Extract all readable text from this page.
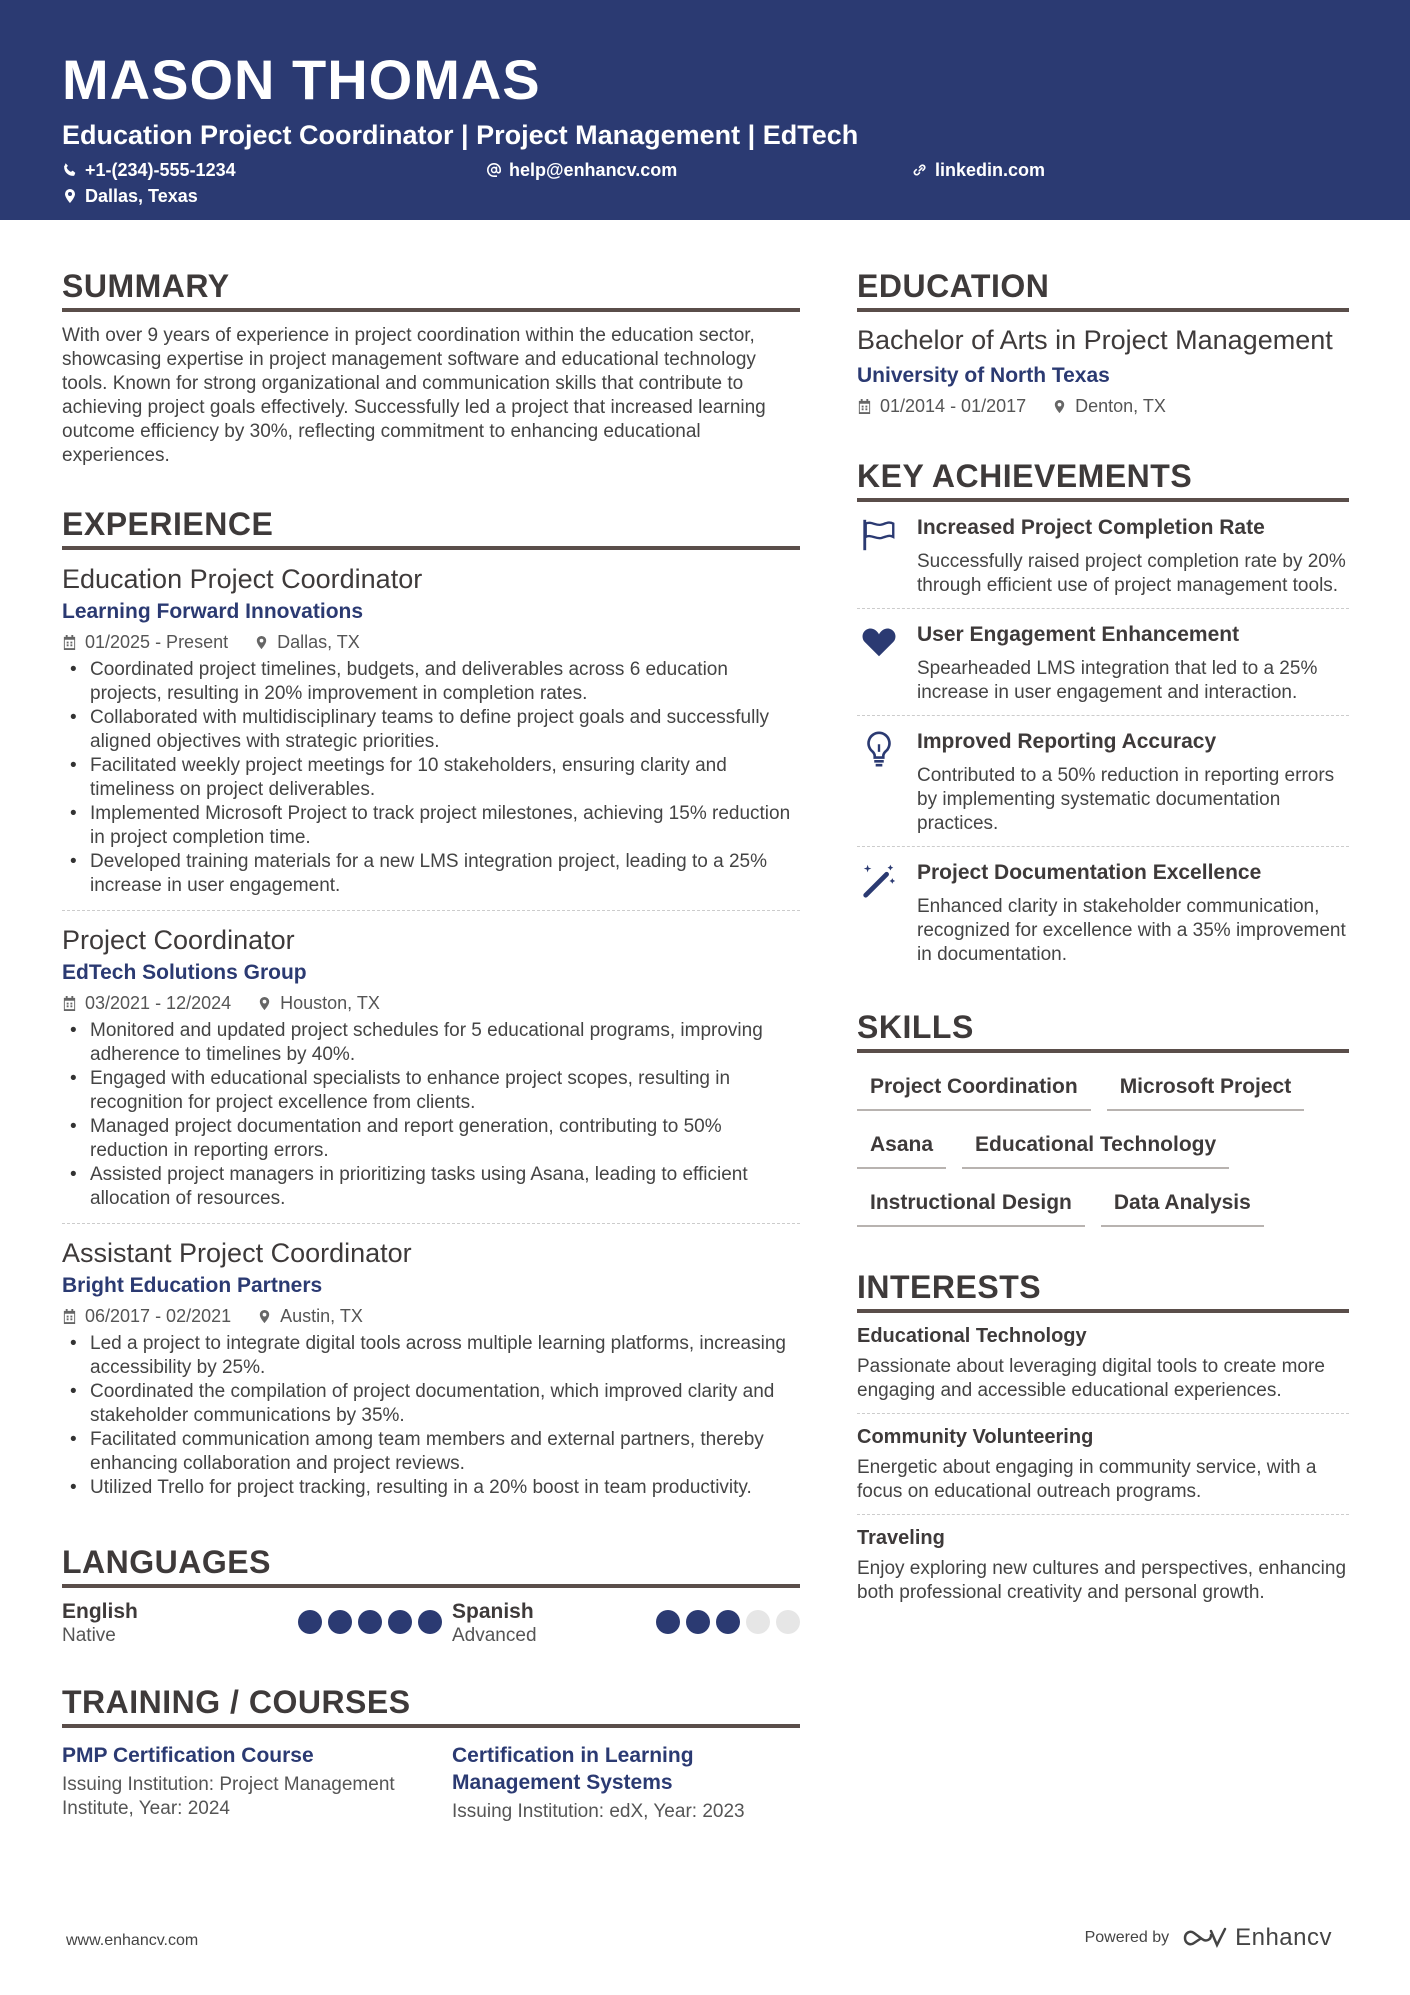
MASON THOMAS
Education Project Coordinator | Project Management | EdTech
+1-(234)-555-1234	help@enhancv.com	linkedin.com
Dallas, Texas
SUMMARY
With over 9 years of experience in project coordination within the education sector, showcasing expertise in project management software and educational technology tools. Known for strong organizational and communication skills that contribute to achieving project goals effectively. Successfully led a project that increased learning outcome efficiency by 30%, reflecting commitment to enhancing educational experiences.
EXPERIENCE
Education Project Coordinator
Learning Forward Innovations
01/2025 - Present	Dallas, TX
• Coordinated project timelines, budgets, and deliverables across 6 education projects, resulting in 20% improvement in completion rates.
• Collaborated with multidisciplinary teams to define project goals and successfully aligned objectives with strategic priorities.
• Facilitated weekly project meetings for 10 stakeholders, ensuring clarity and timeliness on project deliverables.
• Implemented Microsoft Project to track project milestones, achieving 15% reduction in project completion time.
• Developed training materials for a new LMS integration project, leading to a 25% increase in user engagement.
Project Coordinator
EdTech Solutions Group
03/2021 - 12/2024	Houston, TX
• Monitored and updated project schedules for 5 educational programs, improving adherence to timelines by 40%.
• Engaged with educational specialists to enhance project scopes, resulting in recognition for project excellence from clients.
• Managed project documentation and report generation, contributing to 50% reduction in reporting errors.
• Assisted project managers in prioritizing tasks using Asana, leading to efficient allocation of resources.
Assistant Project Coordinator
Bright Education Partners
06/2017 - 02/2021	Austin, TX
• Led a project to integrate digital tools across multiple learning platforms, increasing accessibility by 25%.
• Coordinated the compilation of project documentation, which improved clarity and stakeholder communications by 35%.
• Facilitated communication among team members and external partners, thereby enhancing collaboration and project reviews.
• Utilized Trello for project tracking, resulting in a 20% boost in team productivity.
LANGUAGES
English
Native
Spanish
Advanced
TRAINING / COURSES
PMP Certification Course
Issuing Institution: Project Management Institute, Year: 2024
Certification in Learning Management Systems
Issuing Institution: edX, Year: 2023
EDUCATION
Bachelor of Arts in Project Management
University of North Texas
01/2014 - 01/2017	Denton, TX
KEY ACHIEVEMENTS
Increased Project Completion Rate
Successfully raised project completion rate by 20% through efficient use of project management tools.
User Engagement Enhancement
Spearheaded LMS integration that led to a 25% increase in user engagement and interaction.
Improved Reporting Accuracy
Contributed to a 50% reduction in reporting errors by implementing systematic documentation practices.
Project Documentation Excellence
Enhanced clarity in stakeholder communication, recognized for excellence with a 35% improvement in documentation.
SKILLS
Project Coordination	Microsoft Project
Asana	Educational Technology
Instructional Design	Data Analysis
INTERESTS
Educational Technology
Passionate about leveraging digital tools to create more engaging and accessible educational experiences.
Community Volunteering
Energetic about engaging in community service, with a focus on educational outreach programs.
Traveling
Enjoy exploring new cultures and perspectives, enhancing both professional creativity and personal growth.
www.enhancv.com	Powered by	Enhancv
